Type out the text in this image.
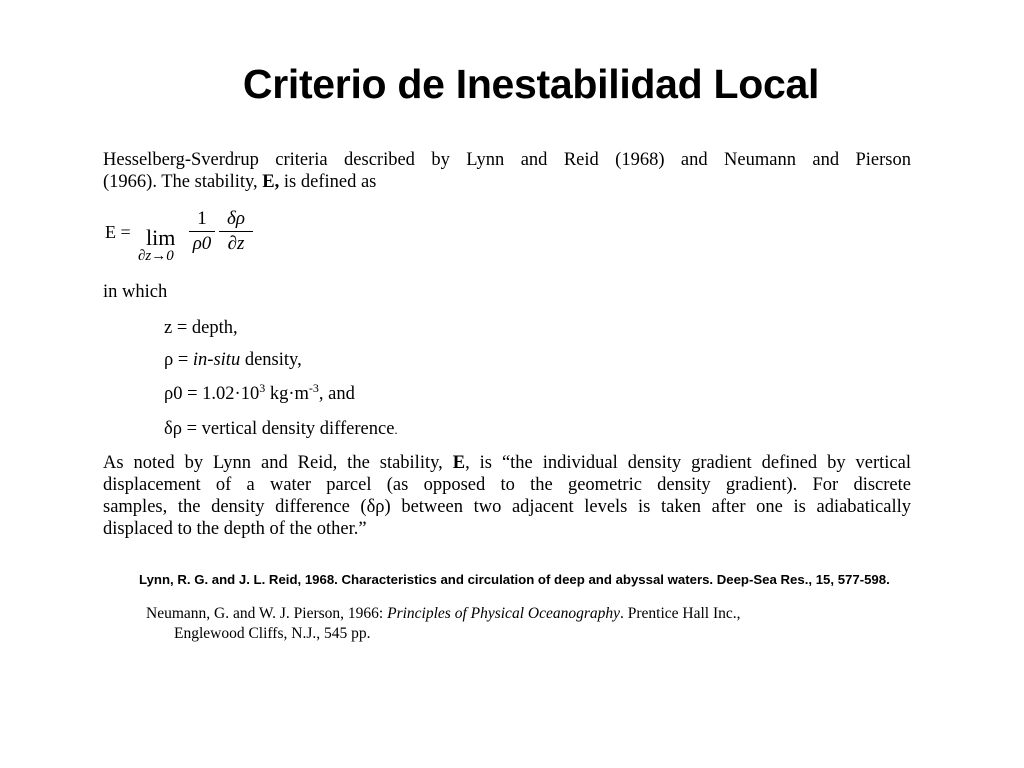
Criterio de Inestabilidad Local
Hesselberg-Sverdrup criteria described by Lynn and Reid (1968) and Neumann and Pierson
(1966). The stability, E, is defined as
E = lim
∂z→0
1
ρ0
δρ
∂z
in which
z = depth,
ρ = in-situ density,
$\rho 0 = 1.02\cdot 10^3$ $kg\cdot m^{-3}$, and
δρ = vertical density difference.
As noted by Lynn and Reid, the stability, E, is “the individual density gradient defined by vertical
displacement of a water parcel (as opposed to the geometric density gradient). For discrete
samples, the density difference (δρ) between two adjacent levels is taken after one is adiabatically
displaced to the depth of the other.”
Lynn, R. G. and J. L. Reid, 1968. Characteristics and circulation of deep and abyssal waters. Deep-Sea Res., 15, 577-598.
Neumann, G. and W. J. Pierson, 1966: Principles of Physical Oceanography. Prentice Hall Inc.,
Englewood Cliffs, N.J., 545 pp.
